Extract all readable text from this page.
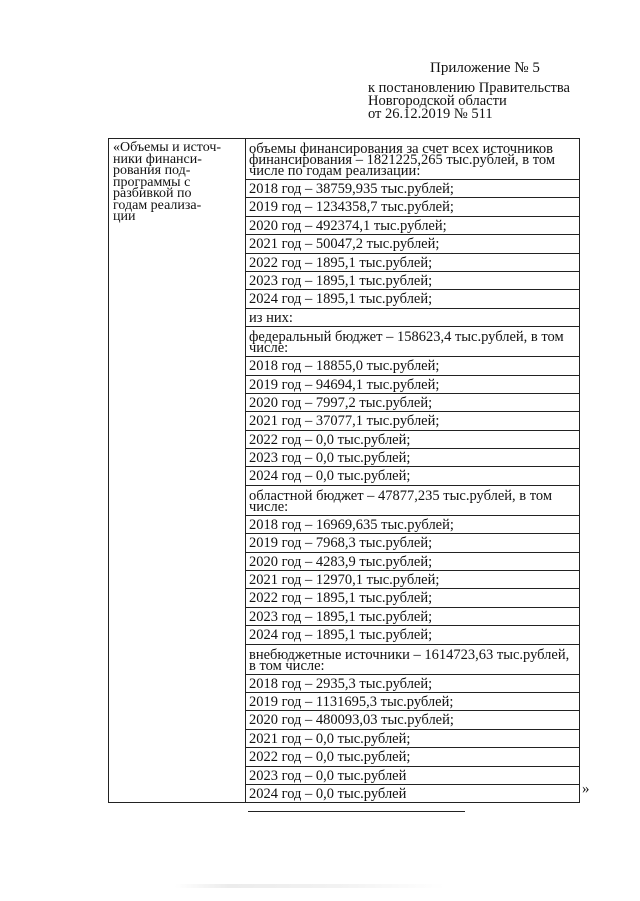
Приложение № 5
к постановлению Правительства
Новгородской области
от 26.12.2019 № 511
«Объемы и источ-
ники финанси-
рования под-
программы с
разбивкой по
годам реализа-
ции

объемы финансирования за счет всех источников финансирования – 1821225,265 тыс.рублей, в том числе по годам реализации:
2018 год – 38759,935 тыс.рублей;
2019 год – 1234358,7 тыс.рублей;
2020 год – 492374,1 тыс.рублей;
2021 год – 50047,2 тыс.рублей;
2022 год – 1895,1 тыс.рублей;
2023 год – 1895,1 тыс.рублей;
2024 год – 1895,1 тыс.рублей;
из них:
федеральный бюджет – 158623,4 тыс.рублей, в том числе:
2018 год – 18855,0 тыс.рублей;
2019 год – 94694,1 тыс.рублей;
2020 год – 7997,2 тыс.рублей;
2021 год – 37077,1 тыс.рублей;
2022 год – 0,0 тыс.рублей;
2023 год – 0,0 тыс.рублей;
2024 год – 0,0 тыс.рублей;
областной бюджет – 47877,235 тыс.рублей, в том числе:
2018 год – 16969,635 тыс.рублей;
2019 год – 7968,3 тыс.рублей;
2020 год – 4283,9 тыс.рублей;
2021 год – 12970,1 тыс.рублей;
2022 год – 1895,1 тыс.рублей;
2023 год – 1895,1 тыс.рублей;
2024 год – 1895,1 тыс.рублей;
внебюджетные источники – 1614723,63 тыс.рублей, в том числе:
2018 год – 2935,3 тыс.рублей;
2019 год – 1131695,3 тыс.рублей;
2020 год – 480093,03 тыс.рублей;
2021 год – 0,0 тыс.рублей;
2022 год – 0,0 тыс.рублей;
2023 год – 0,0 тыс.рублей
2024 год – 0,0 тыс.рублей	»
